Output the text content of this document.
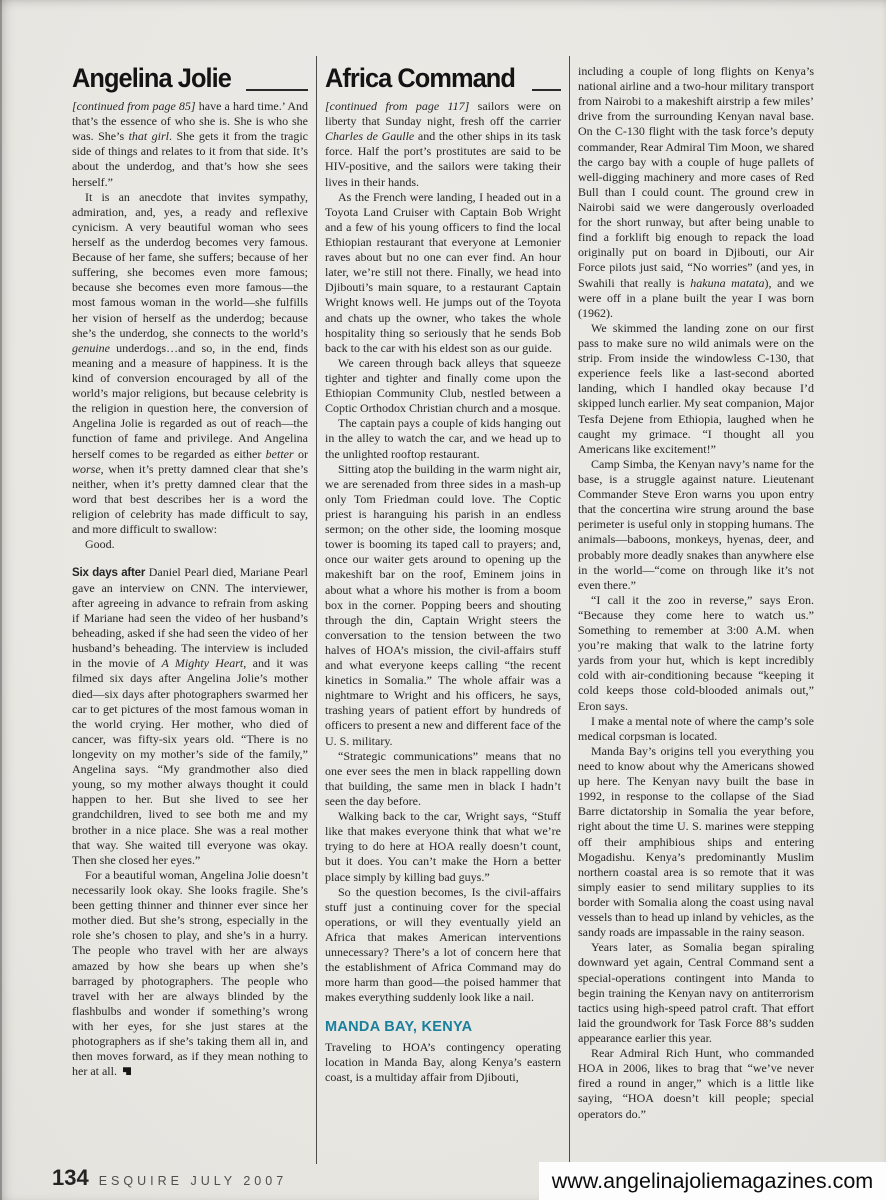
Angelina Jolie

[continued from page 85] have a hard time.’ And that’s the essence of who she is. She is who she was. She’s that girl. She gets it from the tragic side of things and relates to it from that side. It’s about the underdog, and that’s how she sees herself.”

It is an anecdote that invites sympathy, admiration, and, yes, a ready and reflexive cynicism. A very beautiful woman who sees herself as the underdog becomes very famous. Because of her fame, she suffers; because of her suffering, she becomes even more famous; because she becomes even more famous—the most famous woman in the world—she fulfills her vision of herself as the underdog; because she’s the underdog, she connects to the world’s genuine underdogs…and so, in the end, finds meaning and a measure of happiness. It is the kind of conversion encouraged by all of the world’s major religions, but because celebrity is the religion in question here, the conversion of Angelina Jolie is regarded as out of reach—the function of fame and privilege. And Angelina herself comes to be regarded as either better or worse, when it’s pretty damned clear that she’s neither, when it’s pretty damned clear that the word that best describes her is a word the religion of celebrity has made difficult to say, and more difficult to swallow:

Good.

Six days after Daniel Pearl died, Mariane Pearl gave an interview on CNN. The interviewer, after agreeing in advance to refrain from asking if Mariane had seen the video of her husband’s beheading, asked if she had seen the video of her husband’s beheading. The interview is included in the movie of A Mighty Heart, and it was filmed six days after Angelina Jolie’s mother died—six days after photographers swarmed her car to get pictures of the most famous woman in the world crying. Her mother, who died of cancer, was fifty-six years old. “There is no longevity on my mother’s side of the family,” Angelina says. “My grandmother also died young, so my mother always thought it could happen to her. But she lived to see her grandchildren, lived to see both me and my brother in a nice place. She was a real mother that way. She waited till everyone was okay. Then she closed her eyes.”

For a beautiful woman, Angelina Jolie doesn’t necessarily look okay. She looks fragile. She’s been getting thinner and thinner ever since her mother died. But she’s strong, especially in the role she’s chosen to play, and she’s in a hurry. The people who travel with her are always amazed by how she bears up when she’s barraged by photographers. The people who travel with her are always blinded by the flashbulbs and wonder if something’s wrong with her eyes, for she just stares at the photographers as if she’s taking them all in, and then moves forward, as if they mean nothing to her at all.

Africa Command

[continued from page 117] sailors were on liberty that Sunday night, fresh off the carrier Charles de Gaulle and the other ships in its task force. Half the port’s prostitutes are said to be HIV-positive, and the sailors were taking their lives in their hands.

As the French were landing, I headed out in a Toyota Land Cruiser with Captain Bob Wright and a few of his young officers to find the local Ethiopian restaurant that everyone at Lemonier raves about but no one can ever find. An hour later, we’re still not there. Finally, we head into Djibouti’s main square, to a restaurant Captain Wright knows well. He jumps out of the Toyota and chats up the owner, who takes the whole hospitality thing so seriously that he sends Bob back to the car with his eldest son as our guide.

We careen through back alleys that squeeze tighter and tighter and finally come upon the Ethiopian Community Club, nestled between a Coptic Orthodox Christian church and a mosque.

The captain pays a couple of kids hanging out in the alley to watch the car, and we head up to the unlighted rooftop restaurant.

Sitting atop the building in the warm night air, we are serenaded from three sides in a mash-up only Tom Friedman could love. The Coptic priest is haranguing his parish in an endless sermon; on the other side, the looming mosque tower is booming its taped call to prayers; and, once our waiter gets around to opening up the makeshift bar on the roof, Eminem joins in about what a whore his mother is from a boom box in the corner. Popping beers and shouting through the din, Captain Wright steers the conversation to the tension between the two halves of HOA’s mission, the civil-affairs stuff and what everyone keeps calling “the recent kinetics in Somalia.” The whole affair was a nightmare to Wright and his officers, he says, trashing years of patient effort by hundreds of officers to present a new and different face of the U. S. military.

“Strategic communications” means that no one ever sees the men in black rappelling down that building, the same men in black I hadn’t seen the day before.

Walking back to the car, Wright says, “Stuff like that makes everyone think that what we’re trying to do here at HOA really doesn’t count, but it does. You can’t make the Horn a better place simply by killing bad guys.”

So the question becomes, Is the civil-affairs stuff just a continuing cover for the special operations, or will they eventually yield an Africa that makes American interventions unnecessary? There’s a lot of concern here that the establishment of Africa Command may do more harm than good—the poised hammer that makes everything suddenly look like a nail.

MANDA BAY, KENYA

Traveling to HOA’s contingency operating location in Manda Bay, along Kenya’s eastern coast, is a multiday affair from Djibouti,

including a couple of long flights on Kenya’s national airline and a two-hour military transport from Nairobi to a makeshift airstrip a few miles’ drive from the surrounding Kenyan naval base. On the C-130 flight with the task force’s deputy commander, Rear Admiral Tim Moon, we shared the cargo bay with a couple of huge pallets of well-digging machinery and more cases of Red Bull than I could count. The ground crew in Nairobi said we were dangerously overloaded for the short runway, but after being unable to find a forklift big enough to repack the load originally put on board in Djibouti, our Air Force pilots just said, “No worries” (and yes, in Swahili that really is hakuna matata), and we were off in a plane built the year I was born (1962).

We skimmed the landing zone on our first pass to make sure no wild animals were on the strip. From inside the windowless C-130, that experience feels like a last-second aborted landing, which I handled okay because I’d skipped lunch earlier. My seat companion, Major Tesfa Dejene from Ethiopia, laughed when he caught my grimace. “I thought all you Americans like excitement!”

Camp Simba, the Kenyan navy’s name for the base, is a struggle against nature. Lieutenant Commander Steve Eron warns you upon entry that the concertina wire strung around the base perimeter is useful only in stopping humans. The animals—baboons, monkeys, hyenas, deer, and probably more deadly snakes than anywhere else in the world—“come on through like it’s not even there.”

“I call it the zoo in reverse,” says Eron. “Because they come here to watch us.” Something to remember at 3:00 A.M. when you’re making that walk to the latrine forty yards from your hut, which is kept incredibly cold with air-conditioning because “keeping it cold keeps those cold-blooded animals out,” Eron says.

I make a mental note of where the camp’s sole medical corpsman is located.

Manda Bay’s origins tell you everything you need to know about why the Americans showed up here. The Kenyan navy built the base in 1992, in response to the collapse of the Siad Barre dictatorship in Somalia the year before, right about the time U. S. marines were stepping off their amphibious ships and entering Mogadishu. Kenya’s predominantly Muslim northern coastal area is so remote that it was simply easier to send military supplies to its border with Somalia along the coast using naval vessels than to head up inland by vehicles, as the sandy roads are impassable in the rainy season.

Years later, as Somalia began spiraling downward yet again, Central Command sent a special-operations contingent into Manda to begin training the Kenyan navy on antiterrorism tactics using high-speed patrol craft. That effort laid the groundwork for Task Force 88’s sudden appearance earlier this year.

Rear Admiral Rich Hunt, who commanded HOA in 2006, likes to brag that “we’ve never fired a round in anger,” which is a little like saying, “HOA doesn’t kill people; special operators do.”

134 ESQUIRE JULY 2007	www.angelinajoliemagazines.com
